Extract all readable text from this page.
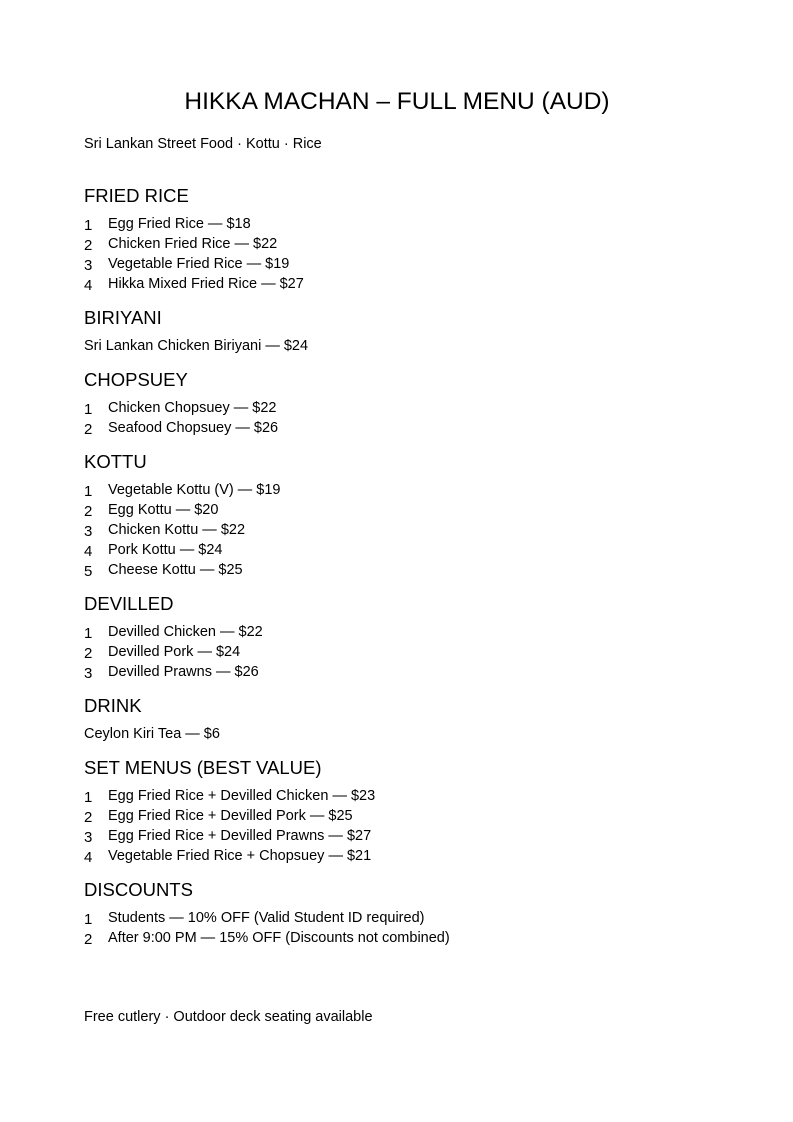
HIKKA MACHAN – FULL MENU (AUD)
Sri Lankan Street Food · Kottu · Rice
FRIED RICE
1 Egg Fried Rice — $18
2 Chicken Fried Rice — $22
3 Vegetable Fried Rice — $19
4 Hikka Mixed Fried Rice — $27
BIRIYANI
Sri Lankan Chicken Biriyani — $24
CHOPSUEY
1 Chicken Chopsuey — $22
2 Seafood Chopsuey — $26
KOTTU
1 Vegetable Kottu (V) — $19
2 Egg Kottu — $20
3 Chicken Kottu — $22
4 Pork Kottu — $24
5 Cheese Kottu — $25
DEVILLED
1 Devilled Chicken — $22
2 Devilled Pork — $24
3 Devilled Prawns — $26
DRINK
Ceylon Kiri Tea — $6
SET MENUS (BEST VALUE)
1 Egg Fried Rice + Devilled Chicken — $23
2 Egg Fried Rice + Devilled Pork — $25
3 Egg Fried Rice + Devilled Prawns — $27
4 Vegetable Fried Rice + Chopsuey — $21
DISCOUNTS
1 Students — 10% OFF (Valid Student ID required)
2 After 9:00 PM — 15% OFF (Discounts not combined)
Free cutlery · Outdoor deck seating available
